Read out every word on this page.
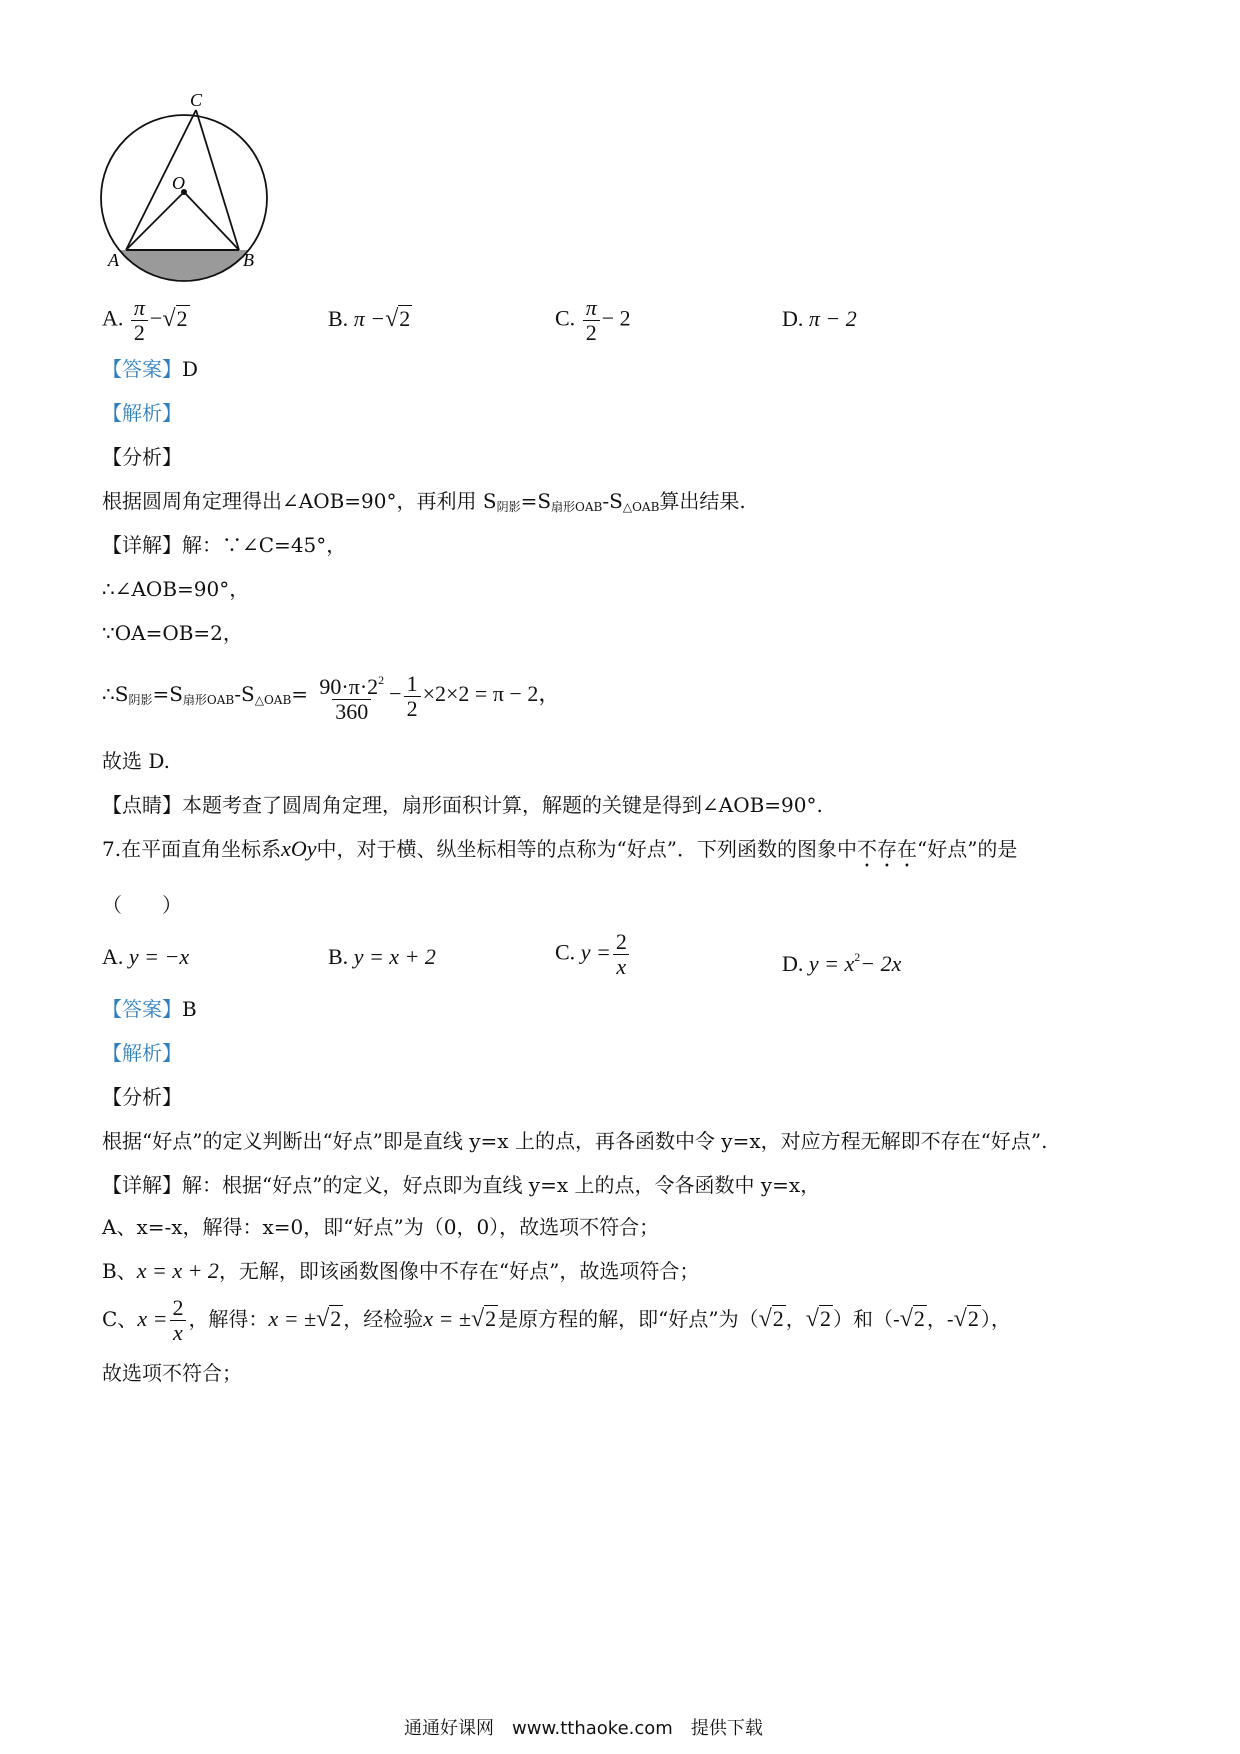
C
O
A	B
A. $\frac{\pi}{2} -√2$	B. π −√2	C. $\frac{\pi}{2} - 2$	D. π − 2
【答案】D
【解析】
【分析】
根据圆周角定理得出∠AOB=90°，再利用 $S_{阴影}=S_{扇形OAB}-S_{\triangle OAB}$算出结果.
【详解】解：∵∠C=45°，
∴∠AOB=90°，
∵OA=OB=2，
$\therefore S_{阴影}=S_{扇形OAB}-S_{\triangle OAB}= \frac{90\cdot\pi\cdot 2^2}{360} - \frac{1}{2} \times 2\times 2 = \pi - 2$，
故选 D.
【点睛】本题考查了圆周角定理，扇形面积计算，解题的关键是得到∠AOB=90°.
7.在平面直角坐标系xOy中，对于横、纵坐标相等的点称为“好点”．下列函数的图象中不存在“好点”的是
（　　）
A. y = −x	B. y = x + 2	C. $y = \frac{2}{x}$	D. $y = x^2- 2x$
【答案】B
【解析】
【分析】
根据“好点”的定义判断出“好点”即是直线 y=x 上的点，再各函数中令 y=x，对应方程无解即不存在“好点”.
【详解】解：根据“好点”的定义，好点即为直线 y=x 上的点，令各函数中 y=x，
A、x=-x，解得：x=0，即“好点”为（0，0），故选项不符合；
B、x = x + 2，无解，即该函数图像中不存在“好点”，故选项符合；
C、$x = \frac{2}{x}$ ，解得：x = ±√2 ，经检验x = ±√2 是原方程的解，即“好点”为（√2 ，√2 ）和（-√2 ，-√2 ），
故选项不符合；
通通好课网　www.tthaoke.com　提供下载
